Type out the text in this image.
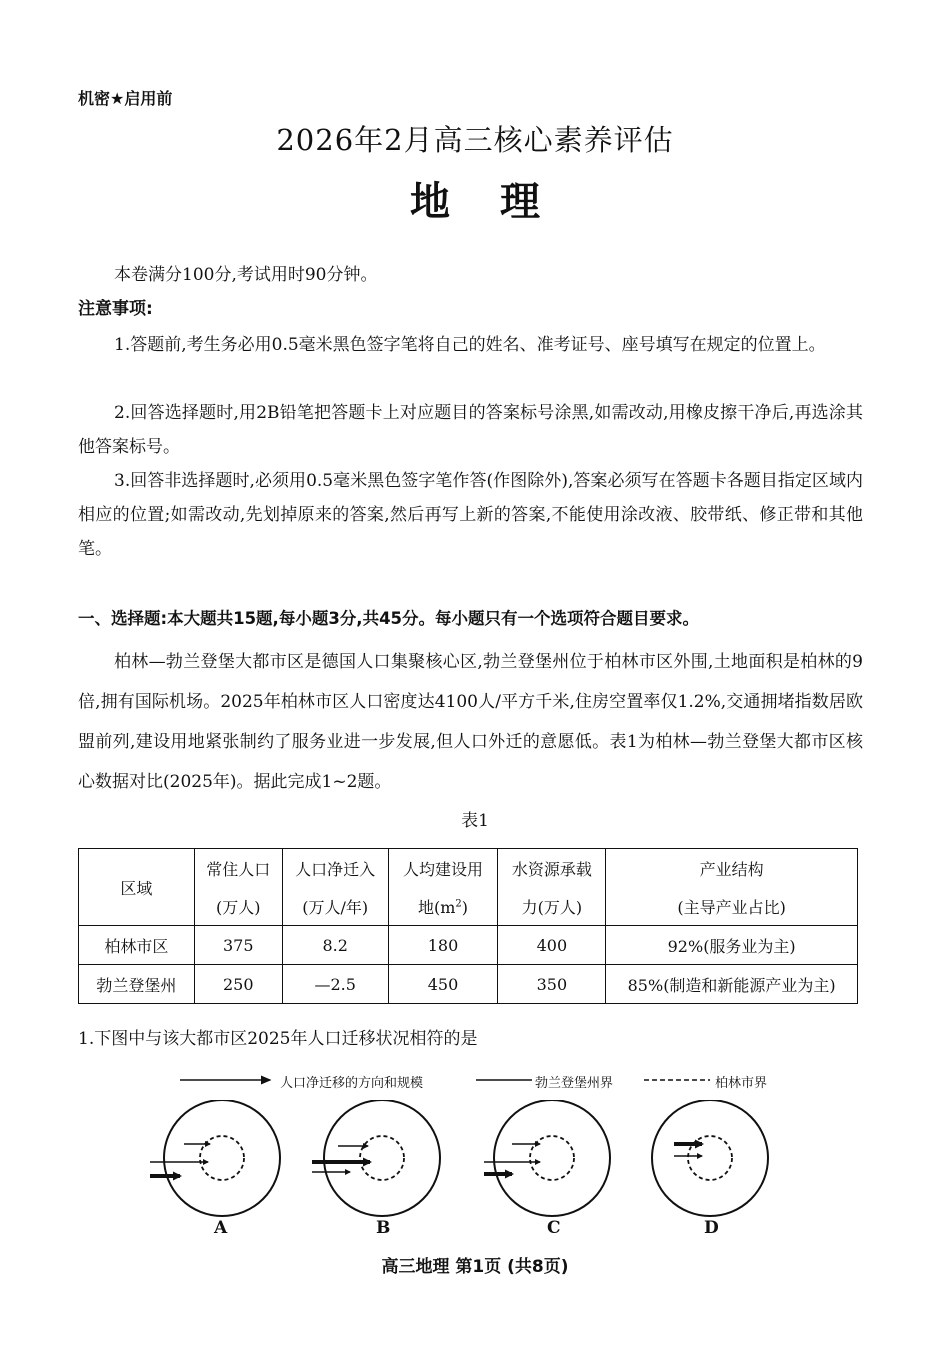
机密★启用前
2026年2月高三核心素养评估
地理
本卷满分100分,考试用时90分钟。
注意事项:
1.答题前,考生务必用0.5毫米黑色签字笔将自己的姓名、准考证号、座号填写在规定的位置上。
2.回答选择题时,用2B铅笔把答题卡上对应题目的答案标号涂黑,如需改动,用橡皮擦干净后,再选涂其他答案标号。
3.回答非选择题时,必须用0.5毫米黑色签字笔作答(作图除外),答案必须写在答题卡各题目指定区域内相应的位置;如需改动,先划掉原来的答案,然后再写上新的答案,不能使用涂改液、胶带纸、修正带和其他笔。
一、选择题:本大题共15题,每小题3分,共45分。每小题只有一个选项符合题目要求。
柏林—勃兰登堡大都市区是德国人口集聚核心区,勃兰登堡州位于柏林市区外围,土地面积是柏林的9倍,拥有国际机场。2025年柏林市区人口密度达4100人/平方千米,住房空置率仅1.2%,交通拥堵指数居欧盟前列,建设用地紧张制约了服务业进一步发展,但人口外迁的意愿低。表1为柏林—勃兰登堡大都市区核心数据对比(2025年)。据此完成1~2题。
表1
区域	常住人口	人口净迁入	人均建设用	水资源承载	产业结构
	(万人)	(万人/年)	地$(m^2)$	力(万人)	(主导产业占比)
柏林市区	375	8.2	180	400	92%(服务业为主)
勃兰登堡州	250	—2.5	450	350	85%(制造和新能源产业为主)
1.下图中与该大都市区2025年人口迁移状况相符的是
人口净迁移的方向和规模	勃兰登堡州界	柏林市界
A	B	C	D
高三地理 第1页 (共8页)
